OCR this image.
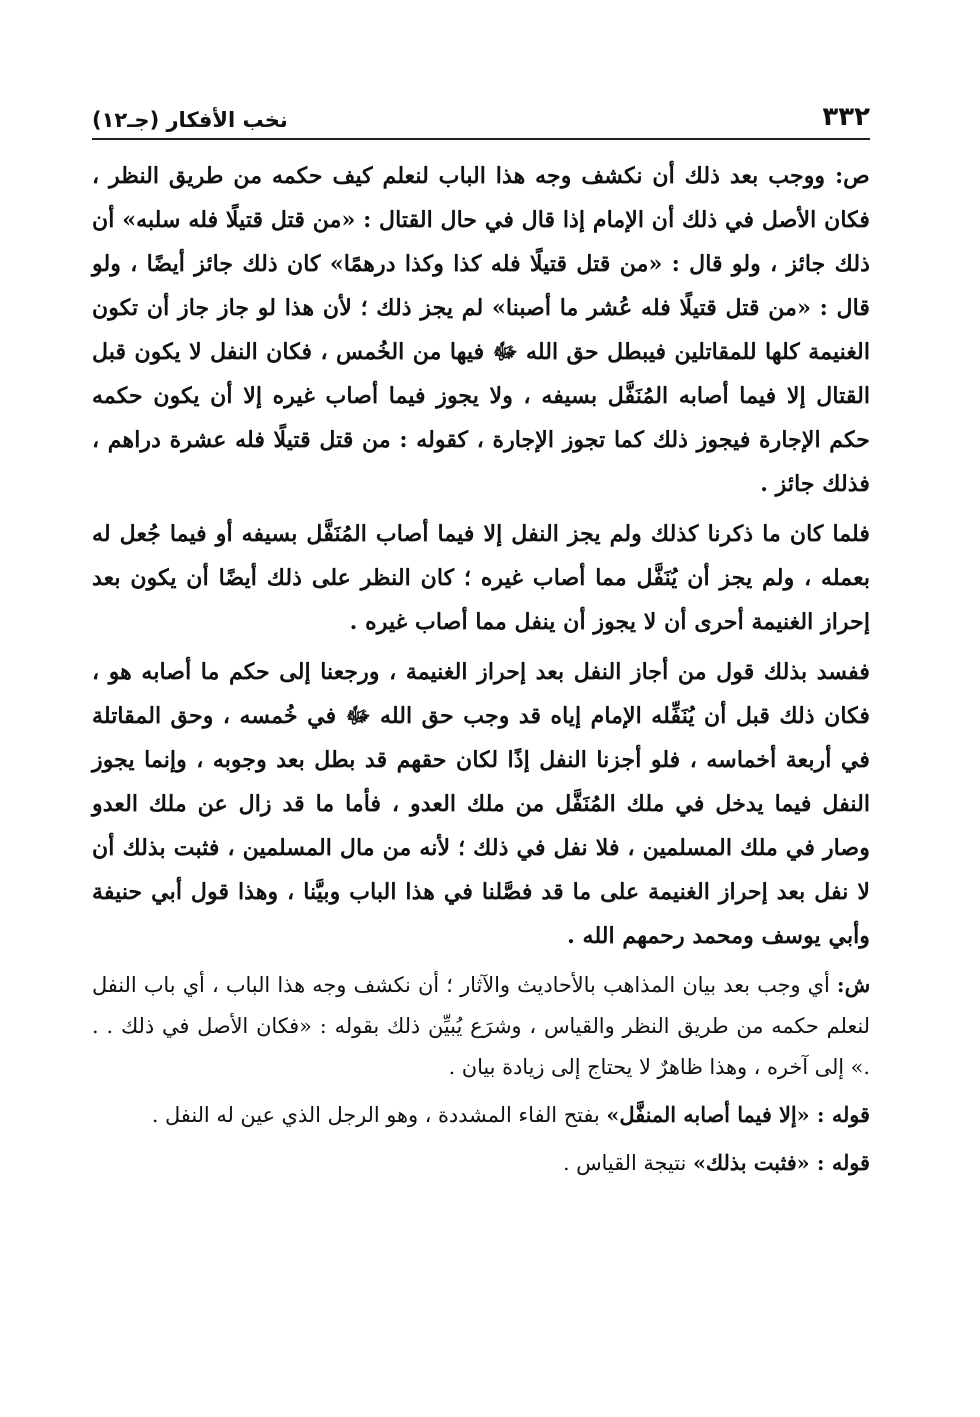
٣٣٢
نخب الأفكار (جـ١٢)

ص: ووجب بعد ذلك أن نكشف وجه هذا الباب لنعلم كيف حكمه من طريق النظر ، فكان الأصل في ذلك أن الإمام إذا قال في حال القتال : «من قتل قتيلًا فله سلبه» أن ذلك جائز ، ولو قال : «من قتل قتيلًا فله كذا وكذا درهمًا» كان ذلك جائز أيضًا ، ولو قال : «من قتل قتيلًا فله عُشر ما أصبنا» لم يجز ذلك ؛ لأن هذا لو جاز جاز أن تكون الغنيمة كلها للمقاتلين فيبطل حق الله ﷻ فيها من الخُمس ، فكان النفل لا يكون قبل القتال إلا فيما أصابه المُنَفَّل بسيفه ، ولا يجوز فيما أصاب غيره إلا أن يكون حكمه حكم الإجارة فيجوز ذلك كما تجوز الإجارة ، كقوله : من قتل قتيلًا فله عشرة دراهم ، فذلك جائز .

فلما كان ما ذكرنا كذلك ولم يجز النفل إلا فيما أصاب المُنَفَّل بسيفه أو فيما جُعل له بعمله ، ولم يجز أن يُنَفَّل مما أصاب غيره ؛ كان النظر على ذلك أيضًا أن يكون بعد إحراز الغنيمة أحرى أن لا يجوز أن ينفل مما أصاب غيره .

ففسد بذلك قول من أجاز النفل بعد إحراز الغنيمة ، ورجعنا إلى حكم ما أصابه هو ، فكان ذلك قبل أن يُنَفِّله الإمام إياه قد وجب حق الله ﷻ في خُمسه ، وحق المقاتلة في أربعة أخماسه ، فلو أجزنا النفل إذًا لكان حقهم قد بطل بعد وجوبه ، وإنما يجوز النفل فيما يدخل في ملك المُنَفَّل من ملك العدو ، فأما ما قد زال عن ملك العدو وصار في ملك المسلمين ، فلا نفل في ذلك ؛ لأنه من مال المسلمين ، فثبت بذلك أن لا نفل بعد إحراز الغنيمة على ما قد فصَّلنا في هذا الباب وبيَّنا ، وهذا قول أبي حنيفة وأبي يوسف ومحمد رحمهم الله .

ش: أي وجب بعد بيان المذاهب بالأحاديث والآثار ؛ أن نكشف وجه هذا الباب ، أي باب النفل لنعلم حكمه من طريق النظر والقياس ، وشرَع يُبيِّن ذلك بقوله : «فكان الأصل في ذلك . . .» إلى آخره ، وهذا ظاهرٌ لا يحتاج إلى زيادة بيان .

قوله : «إلا فيما أصابه المنفَّل» بفتح الفاء المشددة ، وهو الرجل الذي عين له النفل .

قوله : «فثبت بذلك» نتيجة القياس .
